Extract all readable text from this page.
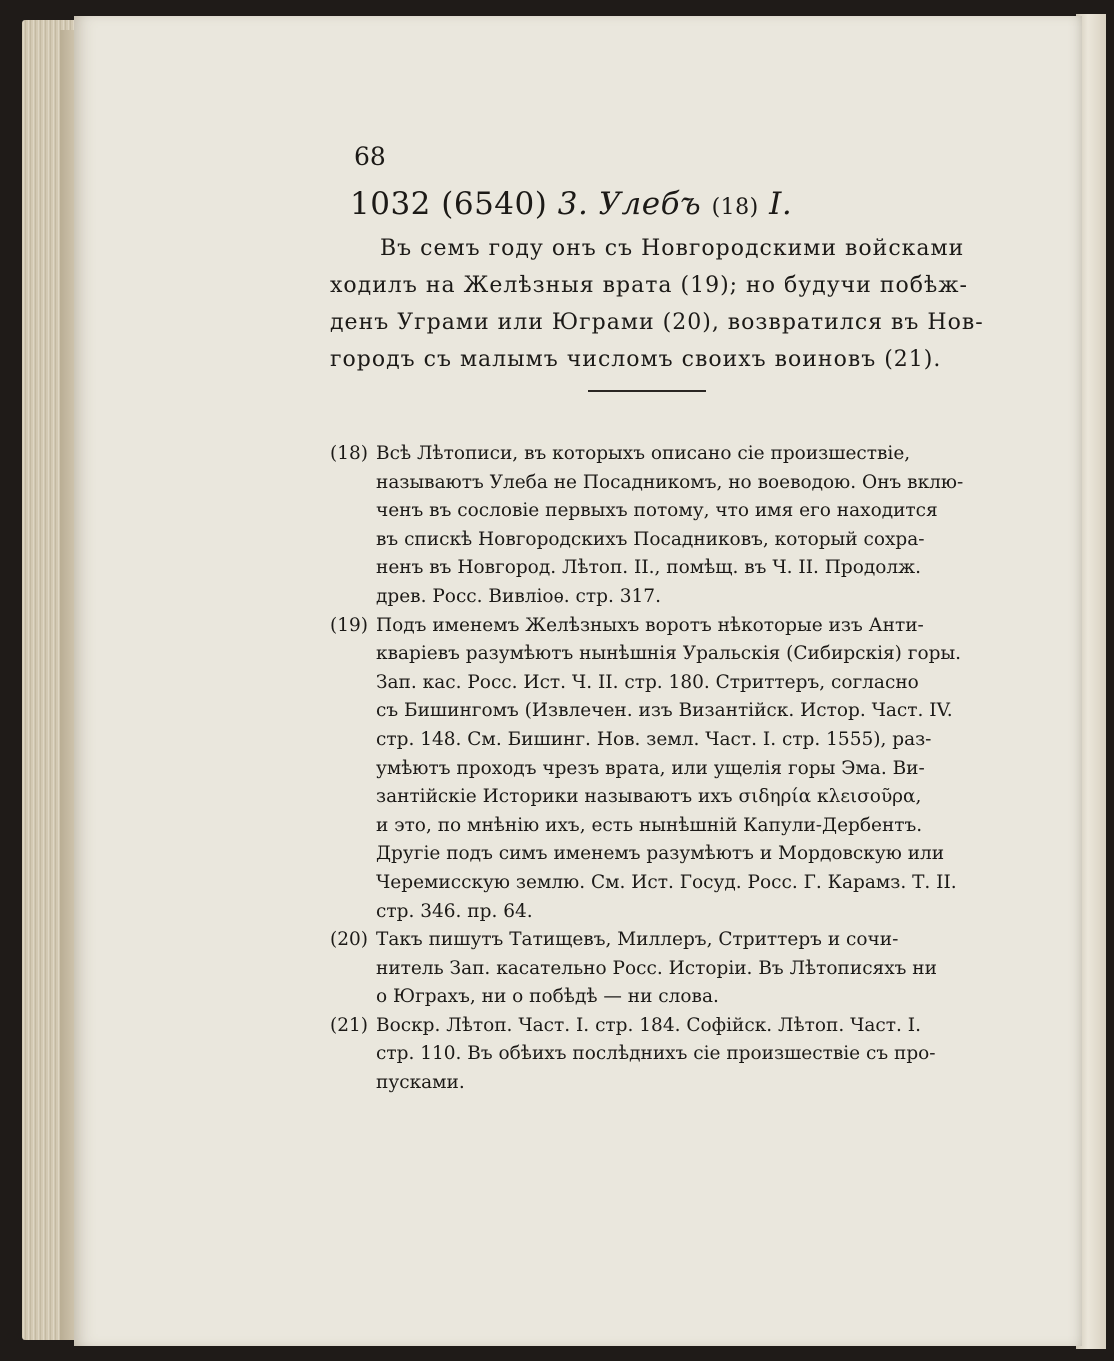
68
1032 (6540) 3. Улебъ (18) I.
Въ семъ году онъ съ Новгородскими войсками
ходилъ на Желѣзныя врата (19); но будучи побѣж-
денъ Уграми или Юграми (20), возвратился въ Нов-
городъ съ малымъ числомъ своихъ воиновъ (21).
(18) Всѣ Лѣтописи, въ которыхъ описано сіе произшествіе,
называютъ Улеба не Посадникомъ, но воеводою. Онъ вклю-
ченъ въ сословіе первыхъ потому, что имя его находится
въ спискѣ Новгородскихъ Посадниковъ, который сохра-
ненъ въ Новгород. Лѣтоп. II., помѣщ. въ Ч. II. Продолж.
древ. Росс. Вивліоѳ. стр. 317.
(19) Подъ именемъ Желѣзныхъ воротъ нѣкоторые изъ Анти-
кваріевъ разумѣютъ нынѣшнія Уральскія (Сибирскія) горы.
Зап. кас. Росс. Ист. Ч. II. стр. 180. Стриттеръ, согласно
съ Бишингомъ (Извлечен. изъ Византійск. Истор. Част. IV.
стр. 148. См. Бишинг. Нов. земл. Част. I. стр. 1555), раз-
умѣютъ проходъ чрезъ врата, или ущелія горы Эма. Ви-
зантійскіе Историки называютъ ихъ σιδηρία κλεισοῦρα,
и это, по мнѣнію ихъ, есть нынѣшній Капули-Дербентъ.
Другіе подъ симъ именемъ разумѣютъ и Мордовскую или
Черемисскую землю. См. Ист. Госуд. Росс. Г. Карамз. Т. II.
стр. 346. пр. 64.
(20) Такъ пишутъ Татищевъ, Миллеръ, Стриттеръ и сочи-
нитель Зап. касательно Росс. Исторіи. Въ Лѣтописяхъ ни
о Юграхъ, ни о побѣдѣ — ни слова.
(21) Воскр. Лѣтоп. Част. I. стр. 184. Софійск. Лѣтоп. Част. I.
стр. 110. Въ обѣихъ послѣднихъ сіе произшествіе съ про-
пусками.
